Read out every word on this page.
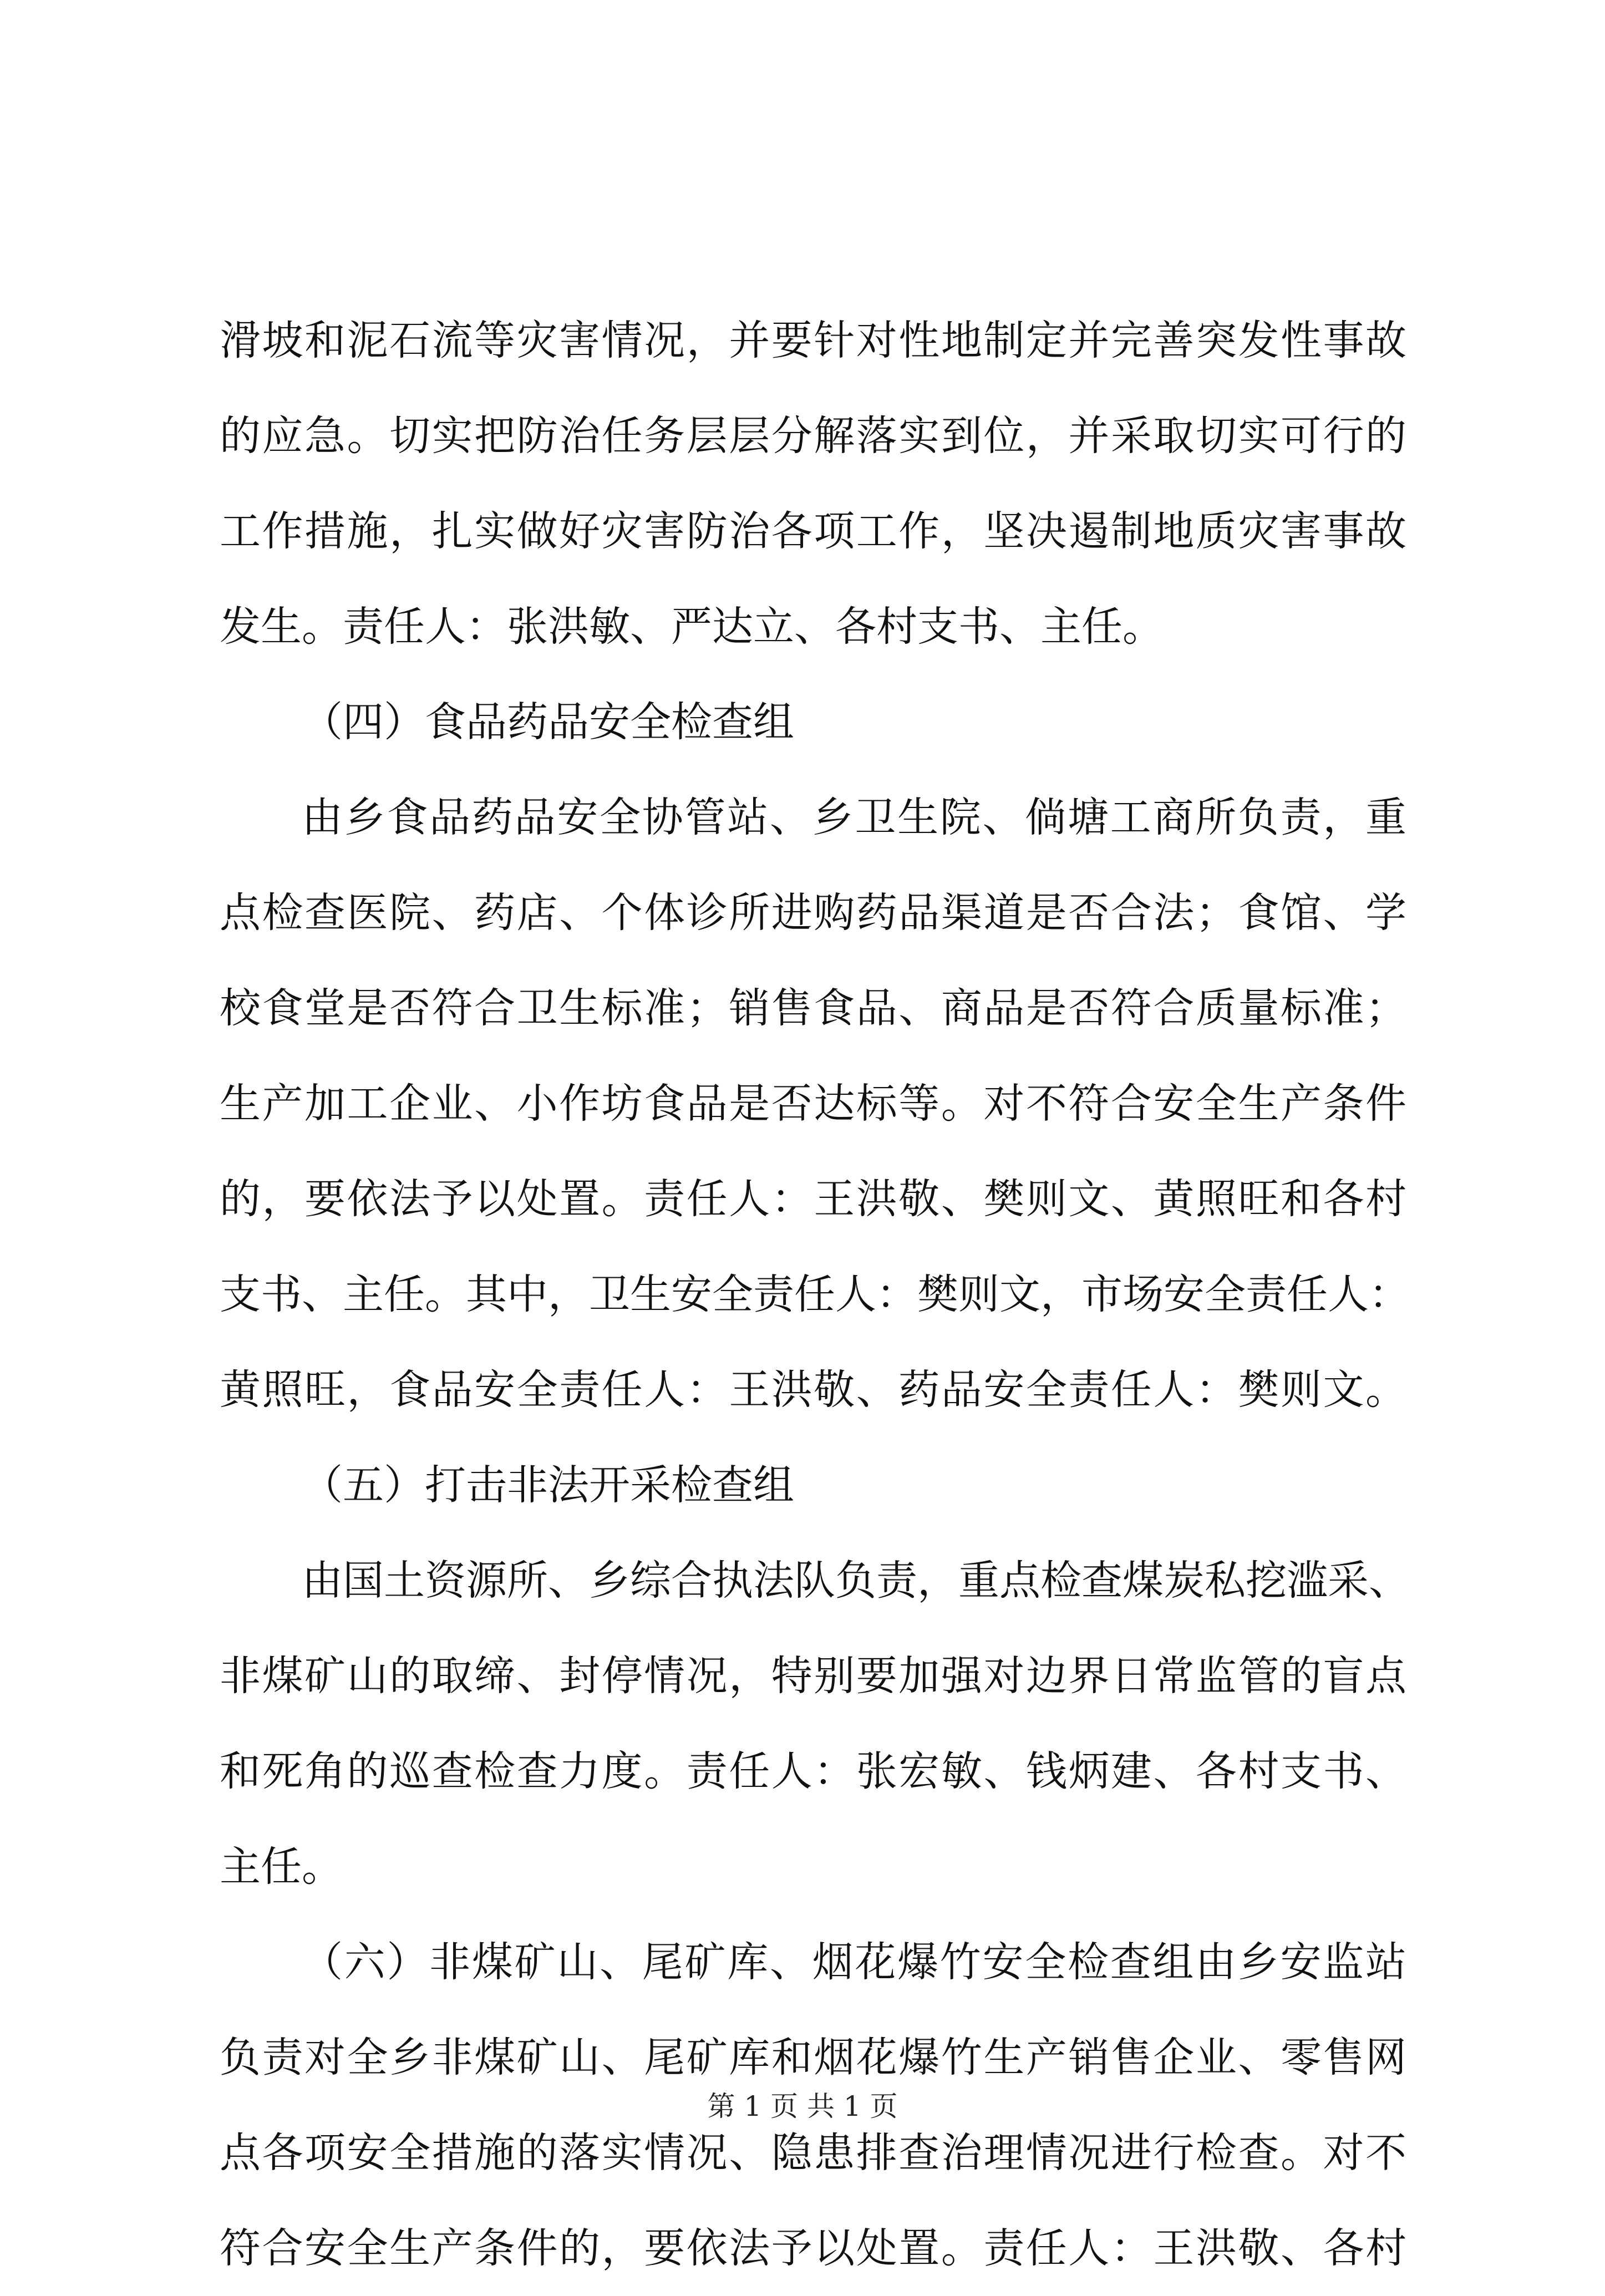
滑坡和泥石流等灾害情况，并要针对性地制定并完善突发性事故
的应急。切实把防治任务层层分解落实到位，并采取切实可行的
工作措施，扎实做好灾害防治各项工作，坚决遏制地质灾害事故
发生。责任人：张洪敏、严达立、各村支书、主任。
（四）食品药品安全检查组
由乡食品药品安全协管站、乡卫生院、倘塘工商所负责，重
点检查医院、药店、个体诊所进购药品渠道是否合法；食馆、学
校食堂是否符合卫生标准；销售食品、商品是否符合质量标准；
生产加工企业、小作坊食品是否达标等。对不符合安全生产条件
的，要依法予以处置。责任人：王洪敬、樊则文、黄照旺和各村
支书、主任。其中，卫生安全责任人：樊则文，市场安全责任人：
黄照旺，食品安全责任人：王洪敬、药品安全责任人：樊则文。
（五）打击非法开采检查组
由国土资源所、乡综合执法队负责，重点检查煤炭私挖滥采、
非煤矿山的取缔、封停情况，特别要加强对边界日常监管的盲点
和死角的巡查检查力度。责任人：张宏敏、钱炳建、各村支书、
主任。
（六）非煤矿山、尾矿库、烟花爆竹安全检查组由乡安监站
负责对全乡非煤矿山、尾矿库和烟花爆竹生产销售企业、零售网
点各项安全措施的落实情况、隐患排查治理情况进行检查。对不
符合安全生产条件的，要依法予以处置。责任人：王洪敬、各村
第 1 页 共 1 页
